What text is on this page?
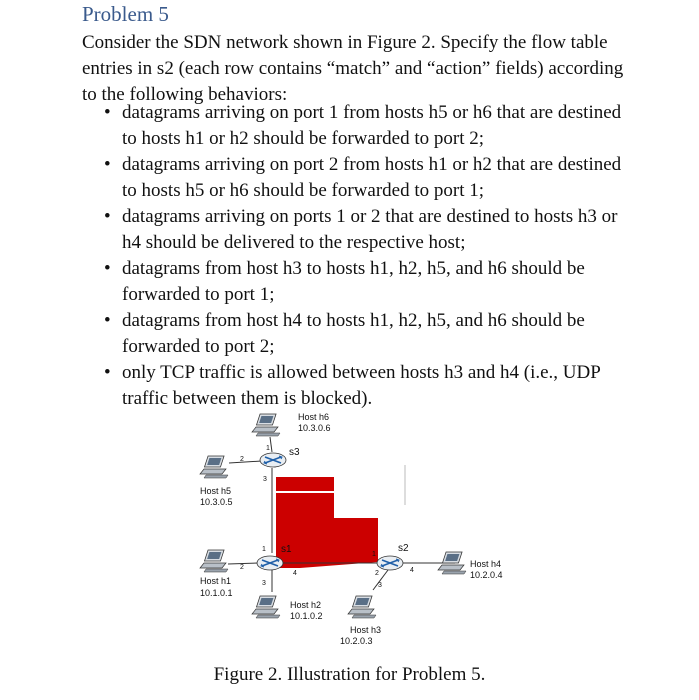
Problem 5
Consider the SDN network shown in Figure 2. Specify the flow table entries in s2 (each row contains “match” and “action” fields) according to the following behaviors:
• datagrams arriving on port 1 from hosts h5 or h6 that are destined to hosts h1 or h2 should be forwarded to port 2;
• datagrams arriving on port 2 from hosts h1 or h2 that are destined to hosts h5 or h6 should be forwarded to port 1;
• datagrams arriving on ports 1 or 2 that are destined to hosts h3 or h4 should be delivered to the respective host;
• datagrams from host h3 to hosts h1, h2, h5, and h6 should be forwarded to port 1;
• datagrams from host h4 to hosts h1, h2, h5, and h6 should be forwarded to port 2;
• only TCP traffic is allowed between hosts h3 and h4 (i.e., UDP traffic between them is blocked).
s3
s1	s2
1
2
3
1
2
3
4
1
2
3
4
Host h6
10.3.0.6
Host h5
10.3.0.5
Host h1
10.1.0.1
Host h2
10.1.0.2
Host h3
10.2.0.3
Host h4
10.2.0.4
Figure 2. Illustration for Problem 5.
